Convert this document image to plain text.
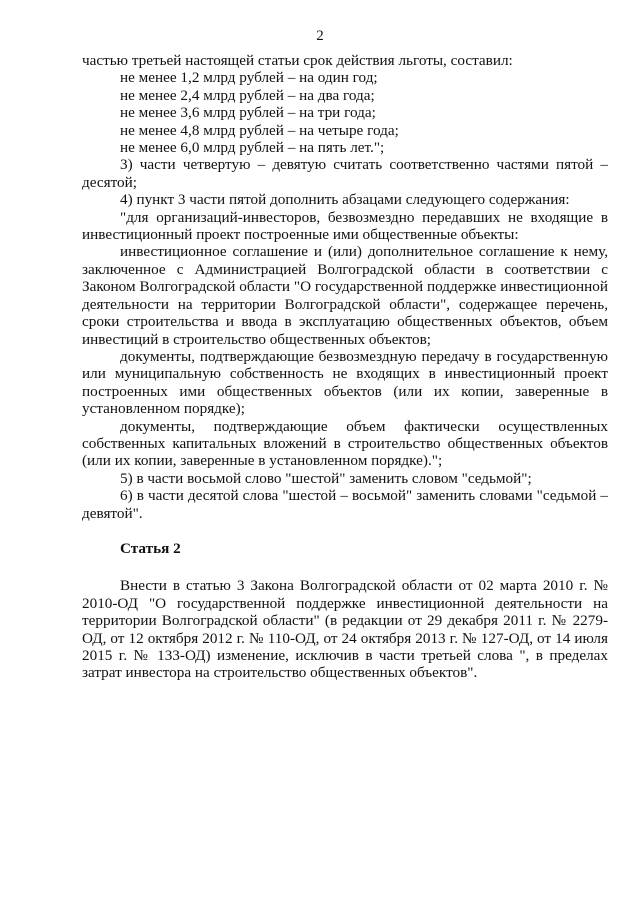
2

частью третьей настоящей статьи срок действия льготы, составил:

не менее 1,2 млрд рублей – на один год;

не менее 2,4 млрд рублей – на два года;

не менее 3,6 млрд рублей – на три года;

не менее 4,8 млрд рублей – на четыре года;

не менее 6,0 млрд рублей – на пять лет.";

3) части четвертую – девятую считать соответственно частями пятой – десятой;

4) пункт 3 части пятой дополнить абзацами следующего содержания:

"для организаций-инвесторов, безвозмездно передавших не входящие в инвестиционный проект построенные ими общественные объекты:

инвестиционное соглашение и (или) дополнительное соглашение к нему, заключенное с Администрацией Волгоградской области в соответствии с Законом Волгоградской области "О государственной поддержке инвестиционной деятельности на территории Волгоградской области", содержащее перечень, сроки строительства и ввода в эксплуатацию общественных объектов, объем инвестиций в строительство общественных объектов;

документы, подтверждающие безвозмездную передачу в государственную или муниципальную собственность не входящих в инвестиционный проект построенных ими общественных объектов (или их копии, заверенные в установленном порядке);

документы, подтверждающие объем фактически осуществленных собственных капитальных вложений в строительство общественных объектов (или их копии, заверенные в установленном порядке).";

5) в части восьмой слово "шестой" заменить словом "седьмой";

6) в части десятой слова "шестой – восьмой" заменить словами "седьмой – девятой".

Статья 2

Внести в статью 3 Закона Волгоградской области от 02 марта 2010 г. № 2010-ОД "О государственной поддержке инвестиционной деятельности на территории Волгоградской области" (в редакции от 29 декабря 2011 г. № 2279-ОД, от 12 октября 2012 г. № 110-ОД, от 24 октября 2013 г. № 127-ОД, от 14 июля 2015 г. № 133-ОД) изменение, исключив в части третьей слова ", в пределах затрат инвестора на строительство общественных объектов".
